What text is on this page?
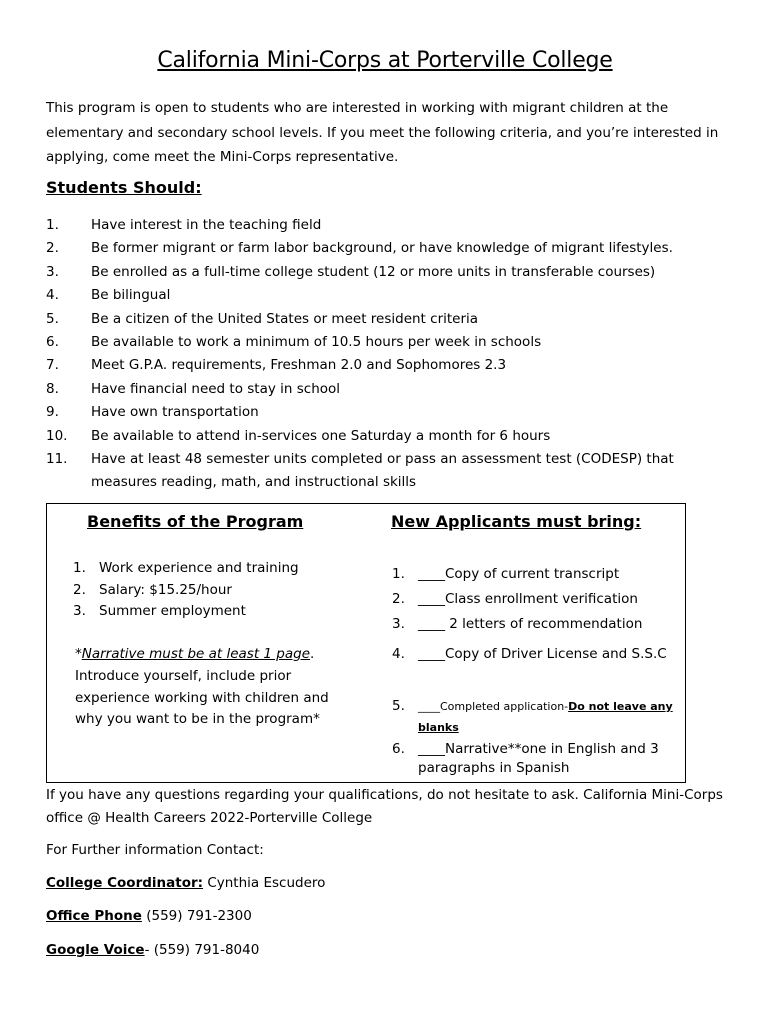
California Mini-Corps at Porterville College

This program is open to students who are interested in working with migrant children at the elementary and secondary school levels. If you meet the following criteria, and you’re interested in applying, come meet the Mini-Corps representative.

Students Should:
1.	Have interest in the teaching field
2.	Be former migrant or farm labor background, or have knowledge of migrant lifestyles.
3.	Be enrolled as a full-time college student (12 or more units in transferable courses)
4.	Be bilingual
5.	Be a citizen of the United States or meet resident criteria
6.	Be available to work a minimum of 10.5 hours per week in schools
7.	Meet G.P.A. requirements, Freshman 2.0 and Sophomores 2.3
8.	Have financial need to stay in school
9.	Have own transportation
10.	Be available to attend in-services one Saturday a month for 6 hours
11.	Have at least 48 semester units completed or pass an assessment test (CODESP) that measures reading, math, and instructional skills
Benefits of the Program
1. Work experience and training
2. Salary: $15.25/hour
3. Summer employment

*Narrative must be at least 1 page. Introduce yourself, include prior experience working with children and why you want to be in the program*

New Applicants must bring:
1. ____Copy of current transcript
2. ____Class enrollment verification
3. ____ 2 letters of recommendation
4. ____Copy of Driver License and S.S.C
5. ____Completed application-Do not leave any blanks
6. ____Narrative**one in English and 3 paragraphs in Spanish

If you have any questions regarding your qualifications, do not hesitate to ask. California Mini-Corps office @ Health Careers 2022-Porterville College

For Further information Contact:

College Coordinator: Cynthia Escudero

Office Phone (559) 791-2300

Google Voice- (559) 791-8040
